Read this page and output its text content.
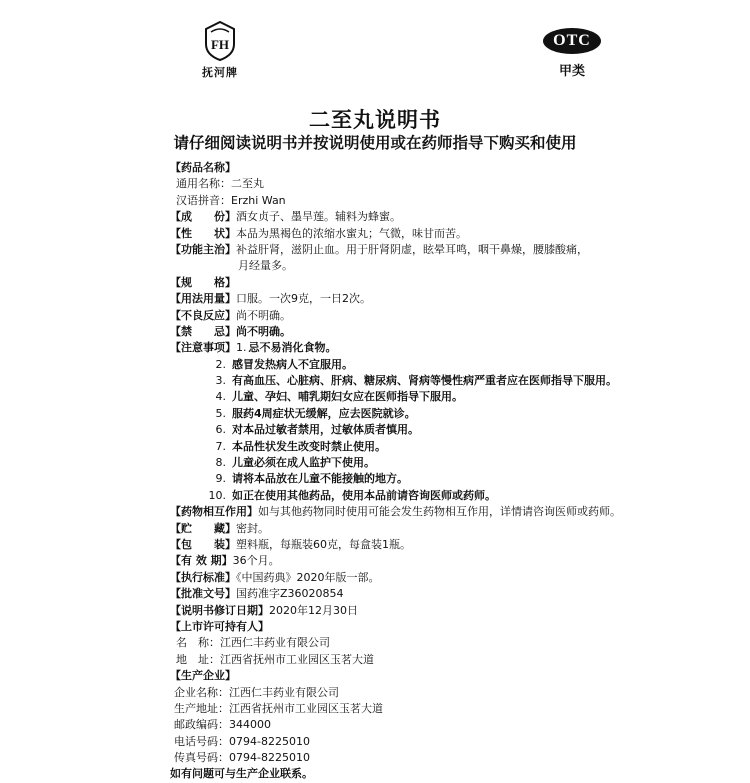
FH
抚河牌
OTC
甲类
二至丸说明书
请仔细阅读说明书并按说明使用或在药师指导下购买和使用
【药品名称】
通用名称：二至丸
汉语拼音：Erzhi Wan
【成　　份】酒女贞子、墨旱莲。辅料为蜂蜜。
【性　　状】本品为黑褐色的浓缩水蜜丸；气微，味甘而苦。
【功能主治】补益肝肾，滋阴止血。用于肝肾阴虚，眩晕耳鸣，咽干鼻燥，腰膝酸痛，
月经量多。
【规　　格】
【用法用量】口服。一次9克，一日2次。
【不良反应】尚不明确。
【禁　　忌】尚不明确。
【注意事项】1. 忌不易消化食物。
2. 感冒发热病人不宜服用。
3. 有高血压、心脏病、肝病、糖尿病、肾病等慢性病严重者应在医师指导下服用。
4. 儿童、孕妇、哺乳期妇女应在医师指导下服用。
5. 服药4周症状无缓解，应去医院就诊。
6. 对本品过敏者禁用，过敏体质者慎用。
7. 本品性状发生改变时禁止使用。
8. 儿童必须在成人监护下使用。
9. 请将本品放在儿童不能接触的地方。
10. 如正在使用其他药品，使用本品前请咨询医师或药师。
【药物相互作用】如与其他药物同时使用可能会发生药物相互作用，详情请咨询医师或药师。
【贮　　藏】密封。
【包　　装】塑料瓶，每瓶装60克，每盒装1瓶。
【有 效 期】36个月。
【执行标准】《中国药典》2020年版一部。
【批准文号】国药准字Z36020854
【说明书修订日期】2020年12月30日
【上市许可持有人】
名　称：江西仁丰药业有限公司
地　址：江西省抚州市工业园区玉茗大道
【生产企业】
企业名称：江西仁丰药业有限公司
生产地址：江西省抚州市工业园区玉茗大道
邮政编码：344000
电话号码：0794-8225010
传真号码：0794-8225010
如有问题可与生产企业联系。
